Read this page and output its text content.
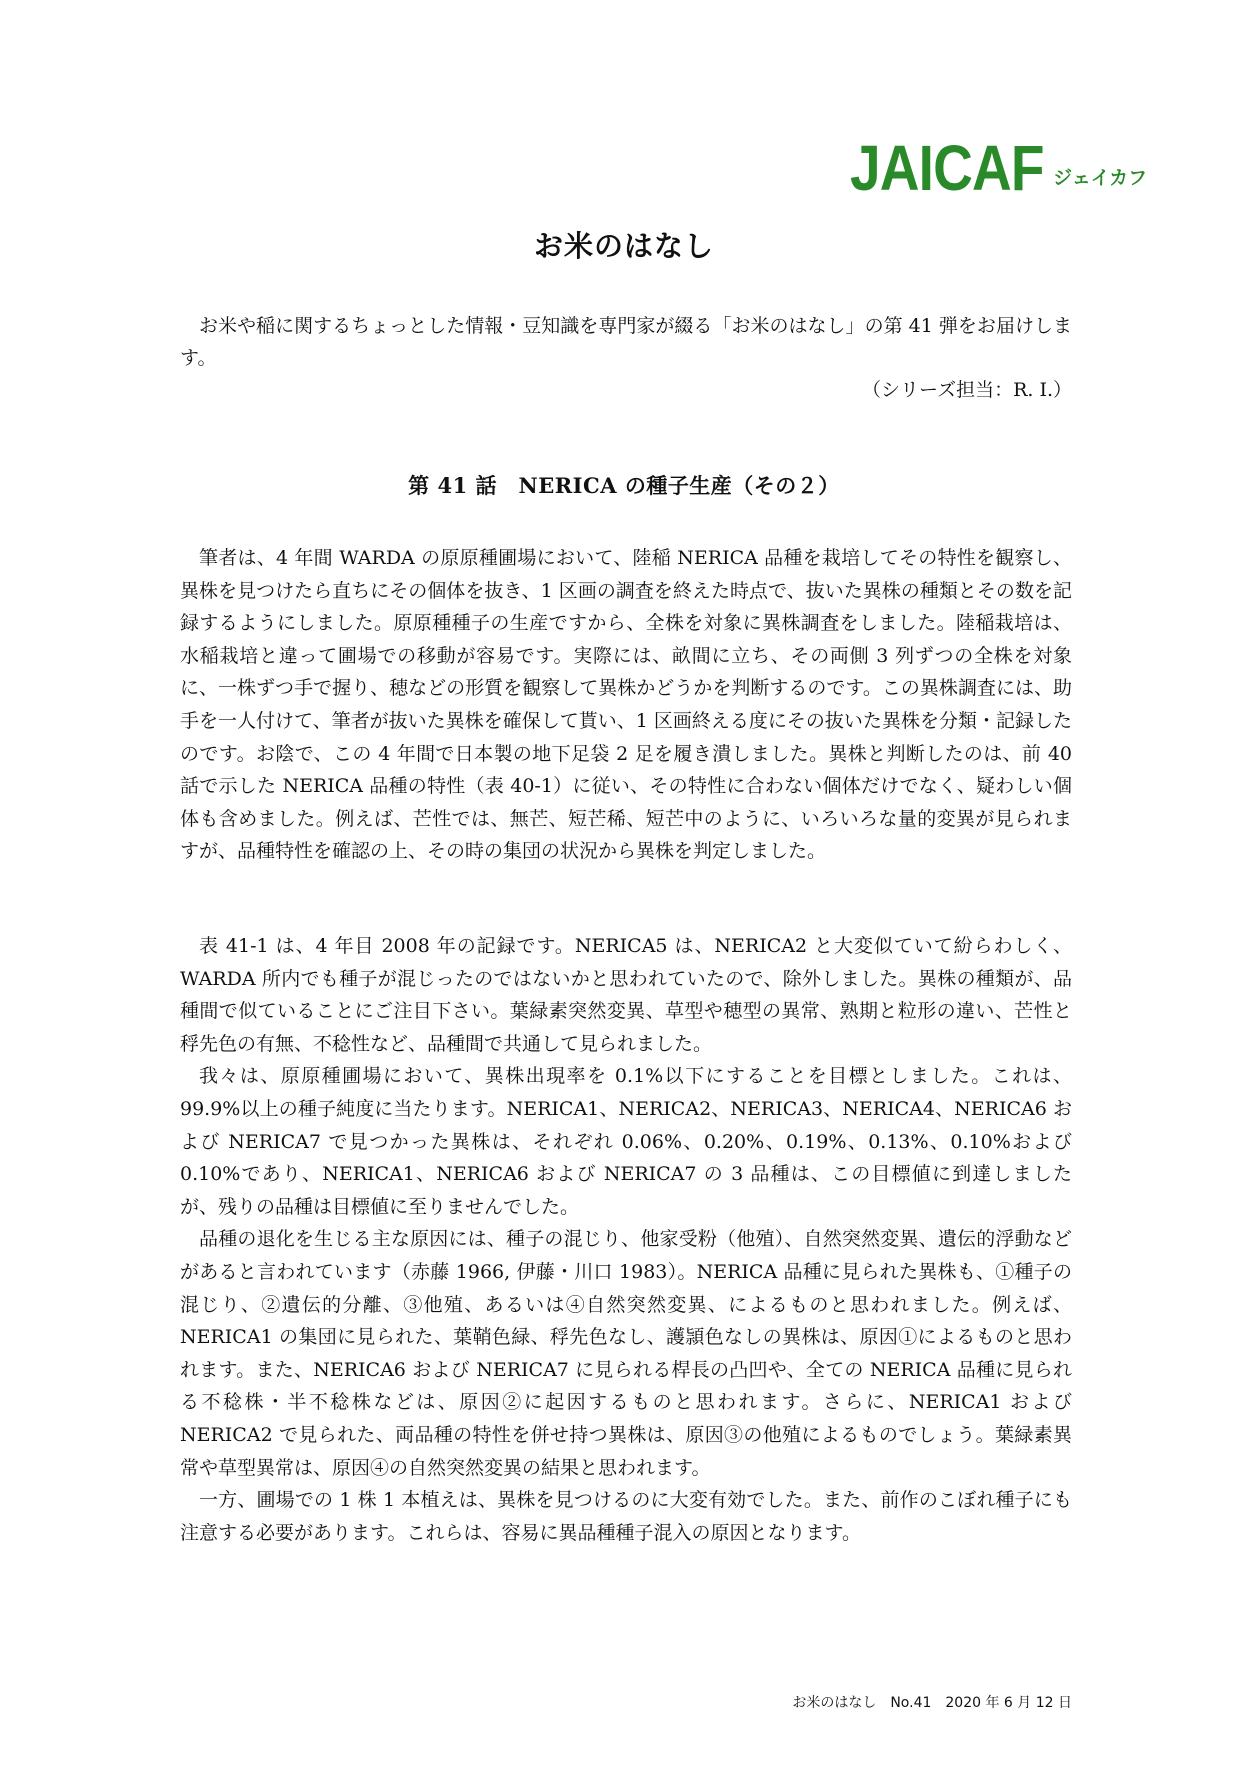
JAICAF ジェイカフ
お米のはなし

お米や稲に関するちょっとした情報・豆知識を専門家が綴る「お米のはなし」の第 41 弾をお届けします。

（シリーズ担当：R. I.）
第 41 話　NERICA の種子生産（その２）

筆者は、4 年間 WARDA の原原種圃場において、陸稲 NERICA 品種を栽培してその特性を観察し、異株を見つけたら直ちにその個体を抜き、1 区画の調査を終えた時点で、抜いた異株の種類とその数を記録するようにしました。原原種種子の生産ですから、全株を対象に異株調査をしました。陸稲栽培は、水稲栽培と違って圃場での移動が容易です。実際には、畝間に立ち、その両側 3 列ずつの全株を対象に、一株ずつ手で握り、穂などの形質を観察して異株かどうかを判断するのです。この異株調査には、助手を一人付けて、筆者が抜いた異株を確保して貰い、1 区画終える度にその抜いた異株を分類・記録したのです。お陰で、この 4 年間で日本製の地下足袋 2 足を履き潰しました。異株と判断したのは、前 40 話で示した NERICA 品種の特性（表 40-1）に従い、その特性に合わない個体だけでなく、疑わしい個体も含めました。例えば、芒性では、無芒、短芒稀、短芒中のように、いろいろな量的変異が見られますが、品種特性を確認の上、その時の集団の状況から異株を判定しました。

表 41-1 は、4 年目 2008 年の記録です。NERICA5 は、NERICA2 と大変似ていて紛らわしく、WARDA 所内でも種子が混じったのではないかと思われていたので、除外しました。異株の種類が、品種間で似ていることにご注目下さい。葉緑素突然変異、草型や穂型の異常、熟期と粒形の違い、芒性と稃先色の有無、不稔性など、品種間で共通して見られました。

我々は、原原種圃場において、異株出現率を 0.1%以下にすることを目標としました。これは、99.9%以上の種子純度に当たります。NERICA1、NERICA2、NERICA3、NERICA4、NERICA6 および NERICA7 で見つかった異株は、それぞれ 0.06%、0.20%、0.19%、0.13%、0.10%および 0.10%であり、NERICA1、NERICA6 および NERICA7 の 3 品種は、この目標値に到達しましたが、残りの品種は目標値に至りませんでした。

品種の退化を生じる主な原因には、種子の混じり、他家受粉（他殖）、自然突然変異、遺伝的浮動などがあると言われています（赤藤 1966, 伊藤・川口 1983）。NERICA 品種に見られた異株も、①種子の混じり、②遺伝的分離、③他殖、あるいは④自然突然変異、によるものと思われました。例えば、NERICA1 の集団に見られた、葉鞘色緑、稃先色なし、護頴色なしの異株は、原因①によるものと思われます。また、NERICA6 および NERICA7 に見られる桿長の凸凹や、全ての NERICA 品種に見られる不稔株・半不稔株などは、原因②に起因するものと思われます。さらに、NERICA1 および NERICA2 で見られた、両品種の特性を併せ持つ異株は、原因③の他殖によるものでしょう。葉緑素異常や草型異常は、原因④の自然突然変異の結果と思われます。

一方、圃場での 1 株 1 本植えは、異株を見つけるのに大変有効でした。また、前作のこぼれ種子にも注意する必要があります。これらは、容易に異品種種子混入の原因となります。

お米のはなし　No.41　2020 年 6 月 12 日
